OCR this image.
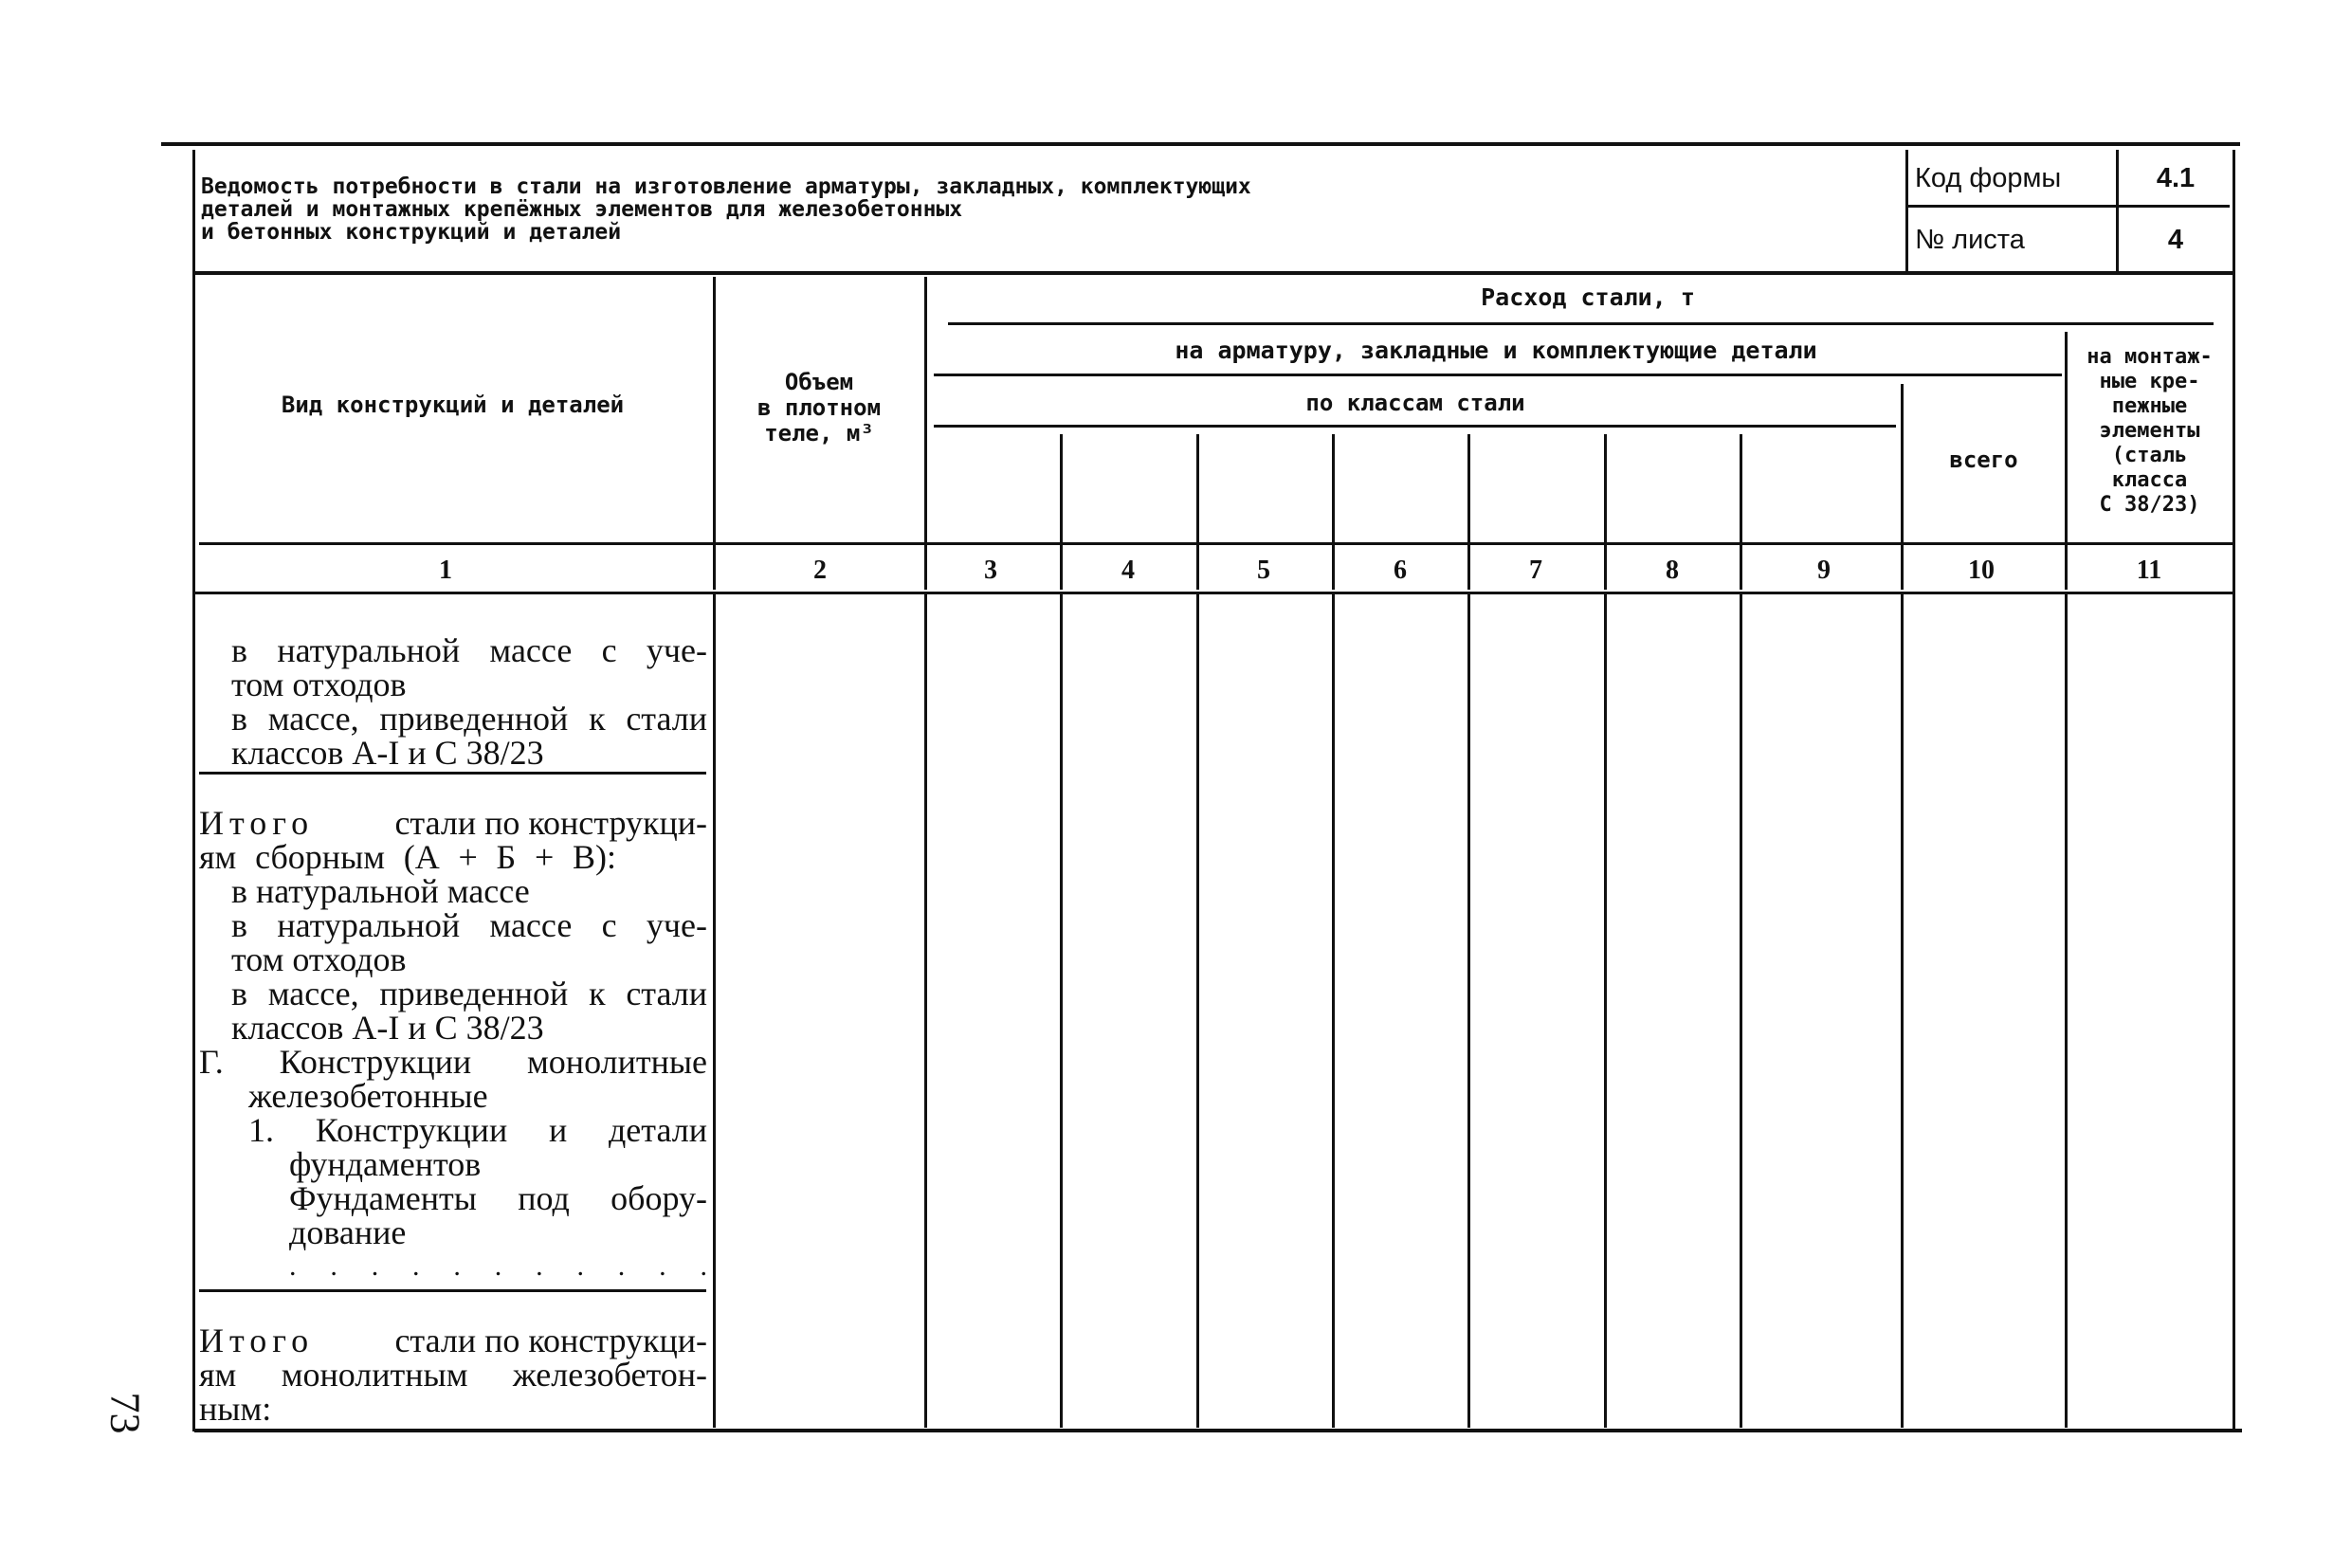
Ведомость потребности в стали на изготовление арматуры, закладных, комплектующих
деталей и монтажных крепёжных элементов для железобетонных
и бетонных конструкций и деталей
Код формы	4.1
№ листа	4
Вид конструкций и деталей
Объем
в плотном
теле, м³
Расход стали, т
на арматуру, закладные и комплектующие детали
по классам стали
всего
на монтаж-
ные кре-
пежные
элементы
(сталь
класса
С 38/23)
1	2	3	4	5	6	7	8	9	10	11
в натуральной массе с уче-
том отходов
в массе, приведенной к стали
классов А-I и С 38/23
Итого стали по конструкци-
ям сборным (А + Б + В):
в натуральной массе
в натуральной массе с уче-
том отходов
в массе, приведенной к стали
классов А-I и С 38/23
Г. Конструкции монолитные
железобетонные
1. Конструкции и детали
фундаментов
Фундаменты под обору-
дование
. . . . . . . . . . .
Итого стали по конструкци-
ям монолитным железобетон-
ным:
73
